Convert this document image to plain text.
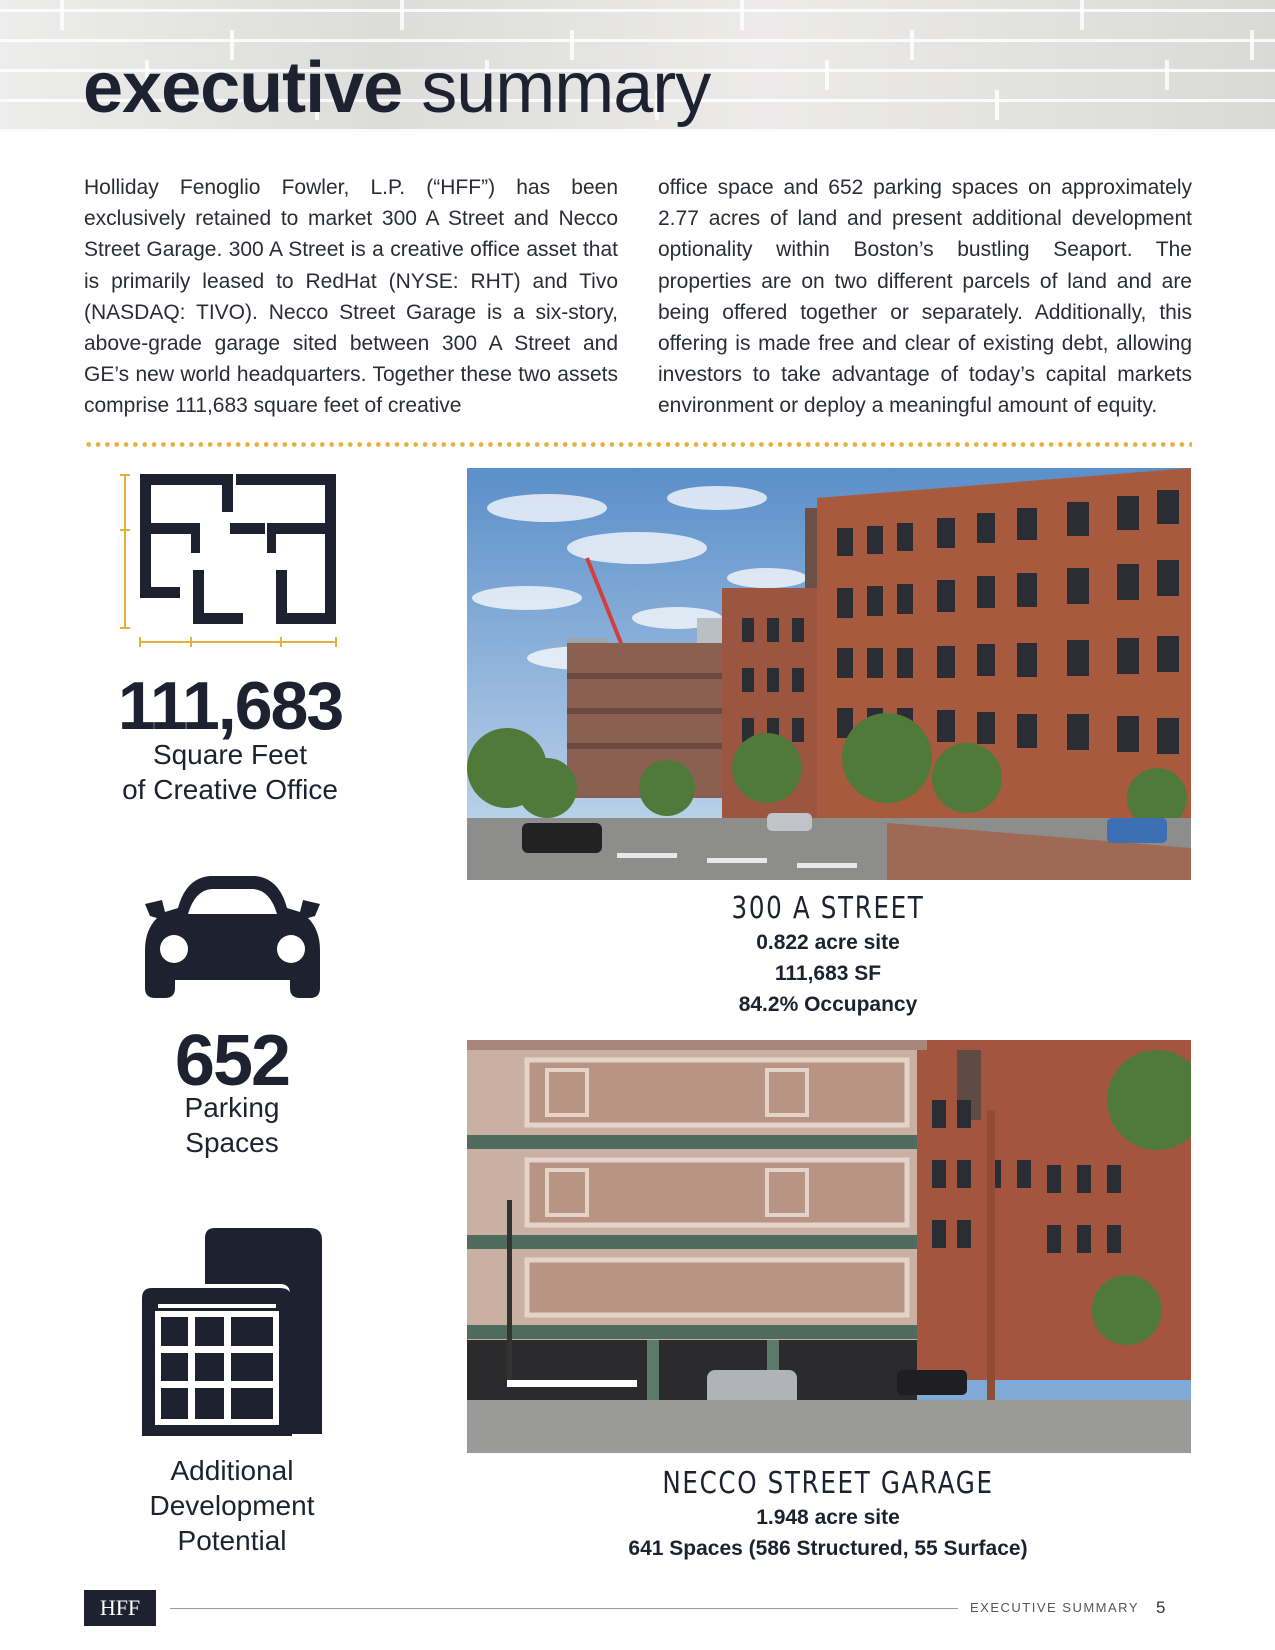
executive summary

Holliday Fenoglio Fowler, L.P. (“HFF”) has been exclusively retained to market 300 A Street and Necco Street Garage. 300 A Street is a creative office asset that is primarily leased to RedHat (NYSE: RHT) and Tivo (NASDAQ: TIVO). Necco Street Garage is a six-story, above-grade garage sited between 300 A Street and GE’s new world headquarters. Together these two assets comprise 111,683 square feet of creative

office space and 652 parking spaces on approximately 2.77 acres of land and present additional development optionality within Boston’s bustling Seaport. The properties are on two different parcels of land and are being offered together or separately. Additionally, this offering is made free and clear of existing debt, allowing investors to take advantage of today’s capital markets environment or deploy a meaningful amount of equity.

111,683
Square Feet
of Creative Office
652
Parking
Spaces
Additional
Development
Potential
300 A STREET
0.822 acre site
111,683 SF
84.2% Occupancy
NECCO STREET GARAGE
1.948 acre site
641 Spaces (586 Structured, 55 Surface)
HFF	EXECUTIVE SUMMARY 5
